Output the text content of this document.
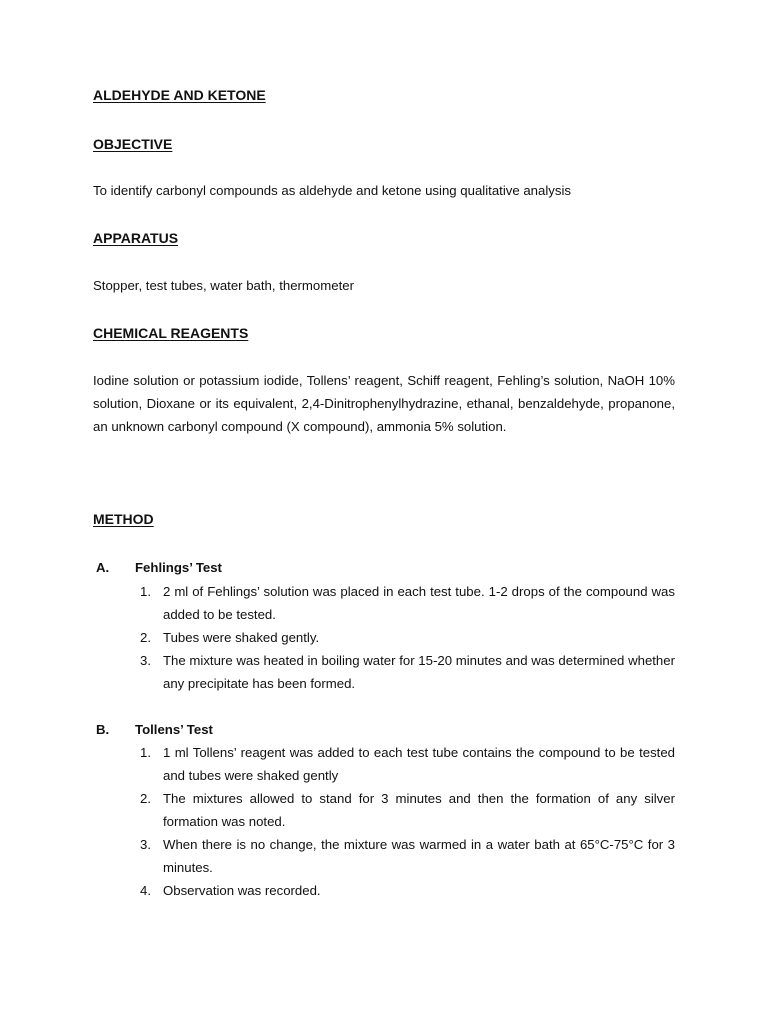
ALDEHYDE AND KETONE
OBJECTIVE
To identify carbonyl compounds as aldehyde and ketone using qualitative analysis
APPARATUS
Stopper, test tubes, water bath, thermometer
CHEMICAL REAGENTS
Iodine solution or potassium iodide, Tollens’ reagent, Schiff reagent, Fehling’s solution, NaOH 10% solution, Dioxane or its equivalent, 2,4-Dinitrophenylhydrazine, ethanal, benzaldehyde, propanone, an unknown carbonyl compound (X compound), ammonia 5% solution.
METHOD
A. Fehlings’ Test
1. 2 ml of Fehlings’ solution was placed in each test tube. 1-2 drops of the compound was added to be tested.
2. Tubes were shaked gently.
3. The mixture was heated in boiling water for 15-20 minutes and was determined whether any precipitate has been formed.
B. Tollens’ Test
1. 1 ml Tollens’ reagent was added to each test tube contains the compound to be tested and tubes were shaked gently
2. The mixtures allowed to stand for 3 minutes and then the formation of any silver formation was noted.
3. When there is no change, the mixture was warmed in a water bath at 65°C-75°C for 3 minutes.
4. Observation was recorded.
